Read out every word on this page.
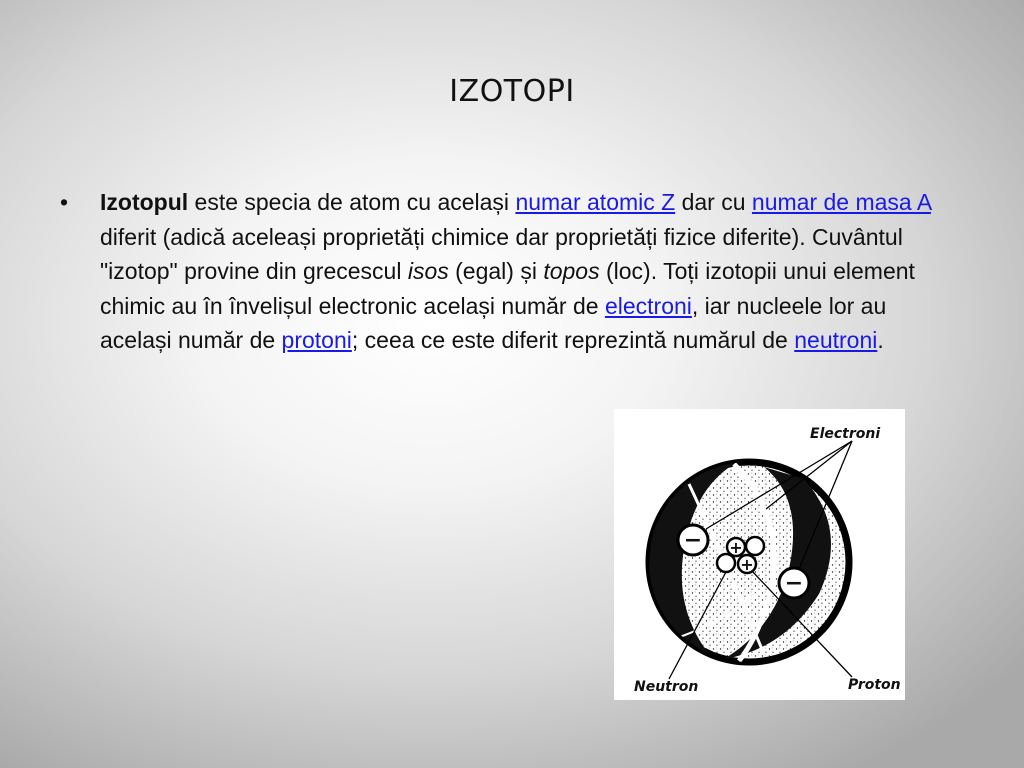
IZOTOPI
• Izotopul este specia de atom cu același numar atomic Z dar cu numar de masa A diferit (adică aceleași proprietăți chimice dar proprietăți fizice diferite). Cuvântul "izotop" provine din grecescul isos (egal) și topos (loc). Toți izotopii unui element chimic au în învelișul electronic același număr de electroni, iar nucleele lor au același număr de protoni; ceea ce este diferit reprezintă numărul de neutroni.
+
+
−
−
Electroni
Neutron	Proton
